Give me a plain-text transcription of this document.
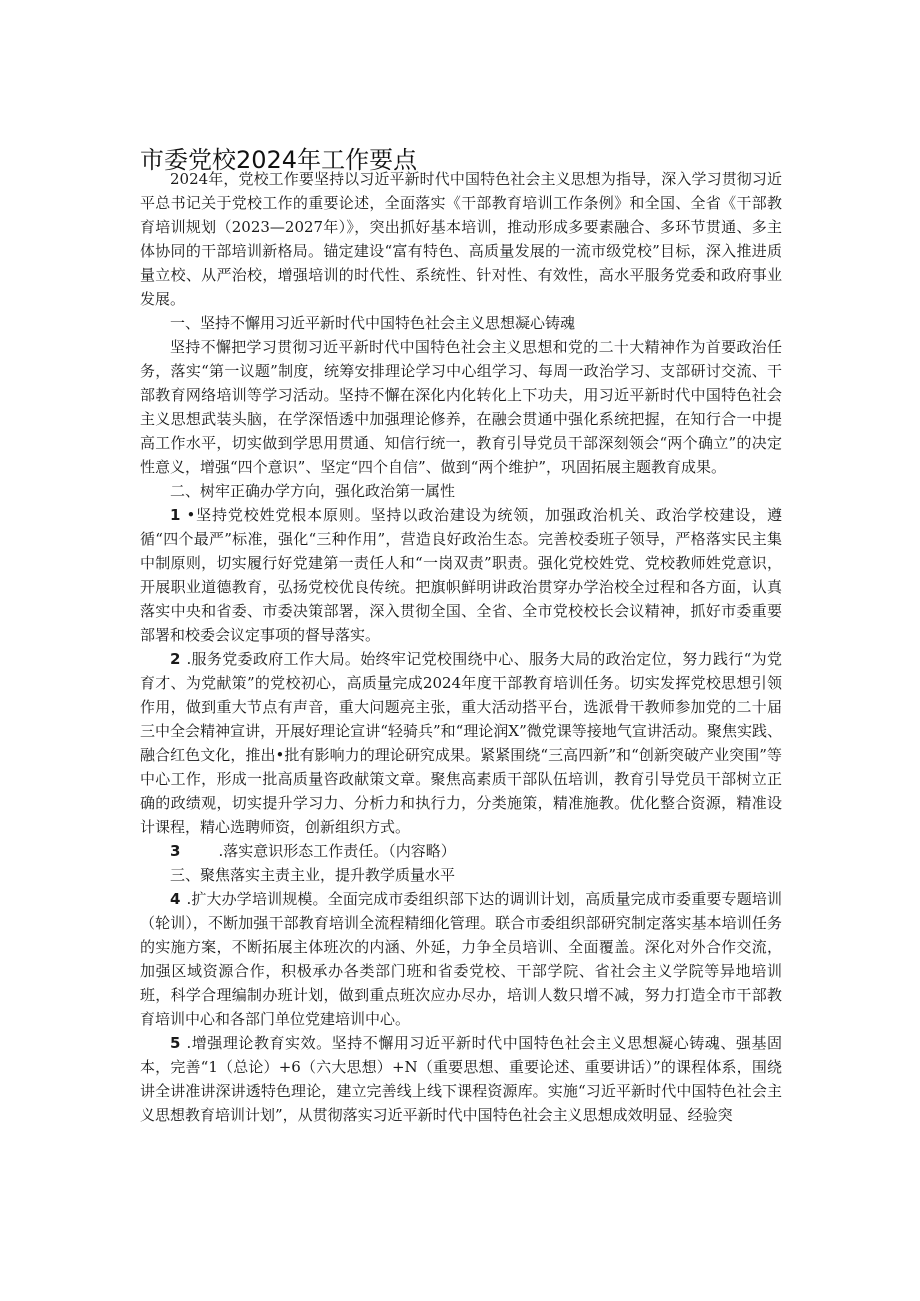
市委党校2024年工作要点

2024年，党校工作要坚持以习近平新时代中国特色社会主义思想为指导，深入学习贯彻习近平总书记关于党校工作的重要论述，全面落实《干部教育培训工作条例》和全国、全省《干部教育培训规划（2023—2027年）》，突出抓好基本培训，推动形成多要素融合、多环节贯通、多主体协同的干部培训新格局。锚定建设“富有特色、高质量发展的一流市级党校”目标，深入推进质量立校、从严治校，增强培训的时代性、系统性、针对性、有效性，高水平服务党委和政府事业发展。

一、坚持不懈用习近平新时代中国特色社会主义思想凝心铸魂

坚持不懈把学习贯彻习近平新时代中国特色社会主义思想和党的二十大精神作为首要政治任务，落实“第一议题”制度，统筹安排理论学习中心组学习、每周一政治学习、支部研讨交流、干部教育网络培训等学习活动。坚持不懈在深化内化转化上下功夫，用习近平新时代中国特色社会主义思想武装头脑，在学深悟透中加强理论修养，在融会贯通中强化系统把握，在知行合一中提高工作水平，切实做到学思用贯通、知信行统一，教育引导党员干部深刻领会“两个确立”的决定性意义，增强“四个意识”、坚定“四个自信”、做到“两个维护”，巩固拓展主题教育成果。

二、树牢正确办学方向，强化政治第一属性

1 •坚持党校姓党根本原则。坚持以政治建设为统领，加强政治机关、政治学校建设，遵循“四个最严”标准，强化“三种作用”，营造良好政治生态。完善校委班子领导，严格落实民主集中制原则，切实履行好党建第一责任人和“一岗双责”职责。强化党校姓党、党校教师姓党意识，开展职业道德教育，弘扬党校优良传统。把旗帜鲜明讲政治贯穿办学治校全过程和各方面，认真落实中央和省委、市委决策部署，深入贯彻全国、全省、全市党校校长会议精神，抓好市委重要部署和校委会议定事项的督导落实。

2 .服务党委政府工作大局。始终牢记党校围绕中心、服务大局的政治定位，努力践行“为党育才、为党献策”的党校初心，高质量完成2024年度干部教育培训任务。切实发挥党校思想引领作用，做到重大节点有声音，重大问题亮主张，重大活动搭平台，选派骨干教师参加党的二十届三中全会精神宣讲，开展好理论宣讲“轻骑兵”和“理论润X”微党课等接地气宣讲活动。聚焦实践、融合红色文化，推出•批有影响力的理论研究成果。紧紧围绕“三高四新”和“创新突破产业突围”等中心工作，形成一批高质量咨政献策文章。聚焦高素质干部队伍培训，教育引导党员干部树立正确的政绩观，切实提升学习力、分析力和执行力，分类施策，精准施教。优化整合资源，精准设计课程，精心选聘师资，创新组织方式。

3	.落实意识形态工作责任。（内容略）

三、聚焦落实主责主业，提升教学质量水平

4 .扩大办学培训规模。全面完成市委组织部下达的调训计划，高质量完成市委重要专题培训（轮训），不断加强干部教育培训全流程精细化管理。联合市委组织部研究制定落实基本培训任务的实施方案，不断拓展主体班次的内涵、外延，力争全员培训、全面覆盖。深化对外合作交流，加强区域资源合作，积极承办各类部门班和省委党校、干部学院、省社会主义学院等异地培训班，科学合理编制办班计划，做到重点班次应办尽办，培训人数只增不减，努力打造全市干部教育培训中心和各部门单位党建培训中心。

5 .增强理论教育实效。坚持不懈用习近平新时代中国特色社会主义思想凝心铸魂、强基固本，完善“1（总论）+6（六大思想）+N（重要思想、重要论述、重要讲话）”的课程体系，围绕讲全讲准讲深讲透特色理论，建立完善线上线下课程资源库。实施“习近平新时代中国特色社会主义思想教育培训计划”，从贯彻落实习近平新时代中国特色社会主义思想成效明显、经验突
